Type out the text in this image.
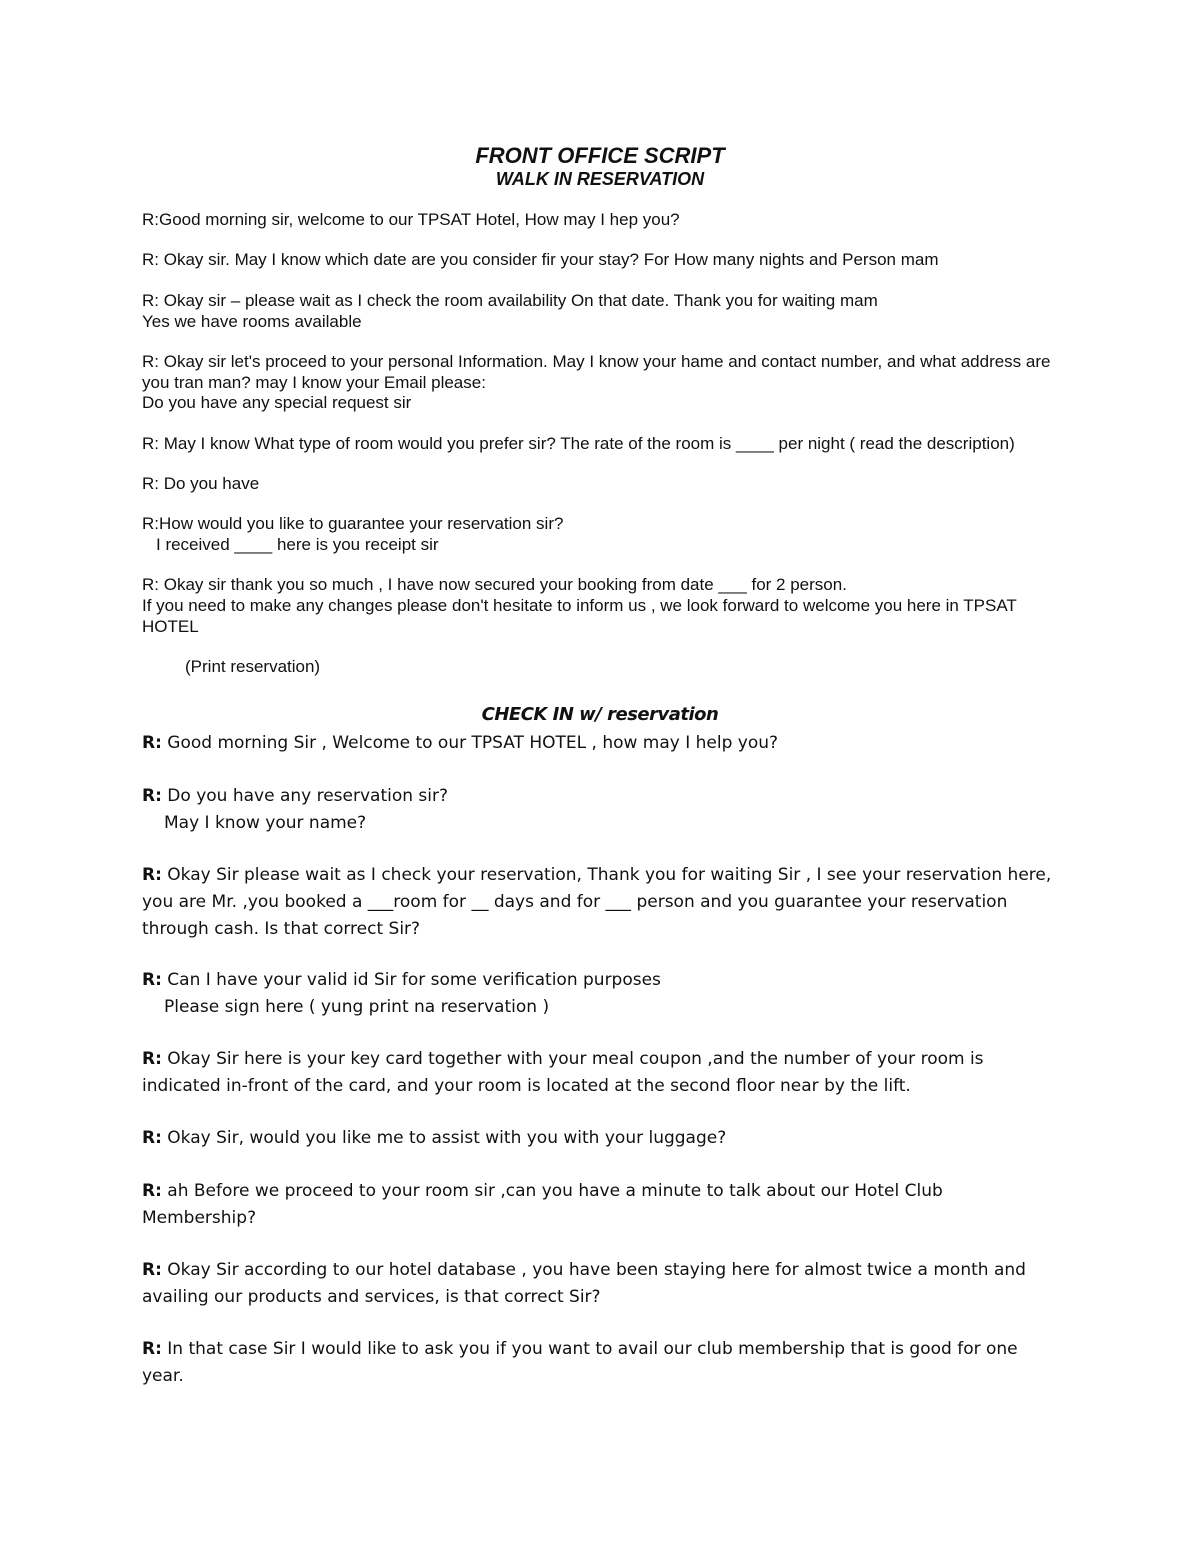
FRONT OFFICE SCRIPT
WALK IN RESERVATION

R:Good morning sir, welcome to our TPSAT Hotel, How may I hep you?

R: Okay sir. May I know which date are you consider fir your stay? For How many nights and Person mam

R: Okay sir – please wait as I check the room availability On that date. Thank you for waiting mam

Yes we have rooms available

R: Okay sir let's proceed to your personal Information. May I know your hame and contact number, and what address are you tran man? may I know your Email please:

Do you have any special request sir

R: May I know What type of room would you prefer sir? The rate of the room is ____ per night ( read the description)

R: Do you have

R:How would you like to guarantee your reservation sir?

I received ____ here is you receipt sir

R: Okay sir thank you so much , I have now secured your booking from date ___ for 2 person.

If you need to make any changes please don't hesitate to inform us , we look forward to welcome you here in TPSAT HOTEL

(Print reservation)

CHECK IN w/ reservation

R: Good morning Sir , Welcome to our TPSAT HOTEL , how may I help you?

R: Do you have any reservation sir?

May I know your name?

R: Okay Sir please wait as I check your reservation, Thank you for waiting Sir , I see your reservation here, you are Mr. ,you booked a ___room for __ days and for ___ person and you guarantee your reservation through cash. Is that correct Sir?

R: Can I have your valid id Sir for some verification purposes

Please sign here ( yung print na reservation )

R: Okay Sir here is your key card together with your meal coupon ,and the number of your room is indicated in-front of the card, and your room is located at the second floor near by the lift.

R: Okay Sir, would you like me to assist with you with your luggage?

R: ah Before we proceed to your room sir ,can you have a minute to talk about our Hotel Club Membership?

R: Okay Sir according to our hotel database , you have been staying here for almost twice a month and availing our products and services, is that correct Sir?

R: In that case Sir I would like to ask you if you want to avail our club membership that is good for one year.
